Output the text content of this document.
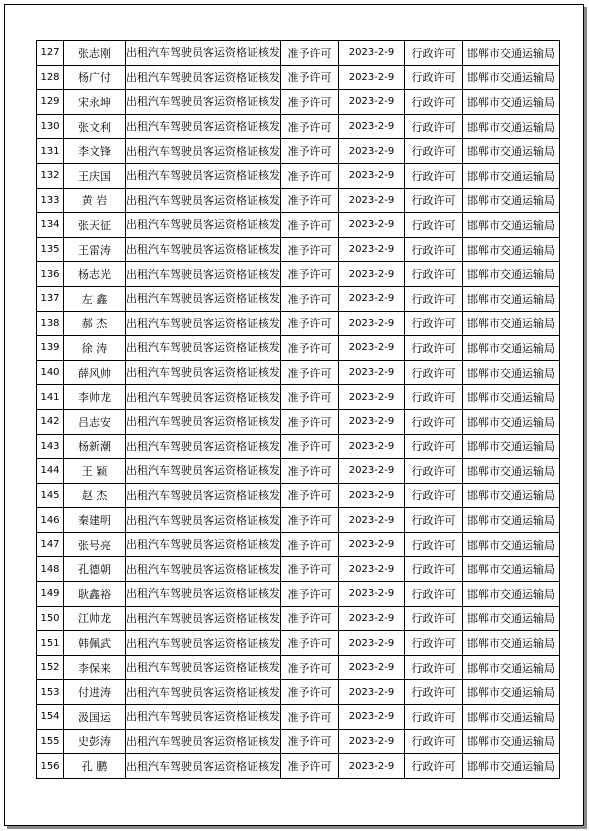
127	张志刚	出租汽车驾驶员客运资格证核发	准予许可	2023-2-9	行政许可	邯郸市交通运输局
128	杨广付	出租汽车驾驶员客运资格证核发	准予许可	2023-2-9	行政许可	邯郸市交通运输局
129	宋永坤	出租汽车驾驶员客运资格证核发	准予许可	2023-2-9	行政许可	邯郸市交通运输局
130	张文利	出租汽车驾驶员客运资格证核发	准予许可	2023-2-9	行政许可	邯郸市交通运输局
131	李文锋	出租汽车驾驶员客运资格证核发	准予许可	2023-2-9	行政许可	邯郸市交通运输局
132	王庆国	出租汽车驾驶员客运资格证核发	准予许可	2023-2-9	行政许可	邯郸市交通运输局
133	黄 岩	出租汽车驾驶员客运资格证核发	准予许可	2023-2-9	行政许可	邯郸市交通运输局
134	张天征	出租汽车驾驶员客运资格证核发	准予许可	2023-2-9	行政许可	邯郸市交通运输局
135	王雷涛	出租汽车驾驶员客运资格证核发	准予许可	2023-2-9	行政许可	邯郸市交通运输局
136	杨志光	出租汽车驾驶员客运资格证核发	准予许可	2023-2-9	行政许可	邯郸市交通运输局
137	左 鑫	出租汽车驾驶员客运资格证核发	准予许可	2023-2-9	行政许可	邯郸市交通运输局
138	郝 杰	出租汽车驾驶员客运资格证核发	准予许可	2023-2-9	行政许可	邯郸市交通运输局
139	徐 涛	出租汽车驾驶员客运资格证核发	准予许可	2023-2-9	行政许可	邯郸市交通运输局
140	薛风帅	出租汽车驾驶员客运资格证核发	准予许可	2023-2-9	行政许可	邯郸市交通运输局
141	李帅龙	出租汽车驾驶员客运资格证核发	准予许可	2023-2-9	行政许可	邯郸市交通运输局
142	吕志安	出租汽车驾驶员客运资格证核发	准予许可	2023-2-9	行政许可	邯郸市交通运输局
143	杨新潮	出租汽车驾驶员客运资格证核发	准予许可	2023-2-9	行政许可	邯郸市交通运输局
144	王 颖	出租汽车驾驶员客运资格证核发	准予许可	2023-2-9	行政许可	邯郸市交通运输局
145	赵 杰	出租汽车驾驶员客运资格证核发	准予许可	2023-2-9	行政许可	邯郸市交通运输局
146	秦建明	出租汽车驾驶员客运资格证核发	准予许可	2023-2-9	行政许可	邯郸市交通运输局
147	张号亮	出租汽车驾驶员客运资格证核发	准予许可	2023-2-9	行政许可	邯郸市交通运输局
148	孔德朝	出租汽车驾驶员客运资格证核发	准予许可	2023-2-9	行政许可	邯郸市交通运输局
149	耿鑫裕	出租汽车驾驶员客运资格证核发	准予许可	2023-2-9	行政许可	邯郸市交通运输局
150	江帅龙	出租汽车驾驶员客运资格证核发	准予许可	2023-2-9	行政许可	邯郸市交通运输局
151	韩佩武	出租汽车驾驶员客运资格证核发	准予许可	2023-2-9	行政许可	邯郸市交通运输局
152	李保来	出租汽车驾驶员客运资格证核发	准予许可	2023-2-9	行政许可	邯郸市交通运输局
153	付进涛	出租汽车驾驶员客运资格证核发	准予许可	2023-2-9	行政许可	邯郸市交通运输局
154	汲国运	出租汽车驾驶员客运资格证核发	准予许可	2023-2-9	行政许可	邯郸市交通运输局
155	史彭涛	出租汽车驾驶员客运资格证核发	准予许可	2023-2-9	行政许可	邯郸市交通运输局
156	孔 鹏	出租汽车驾驶员客运资格证核发	准予许可	2023-2-9	行政许可	邯郸市交通运输局
